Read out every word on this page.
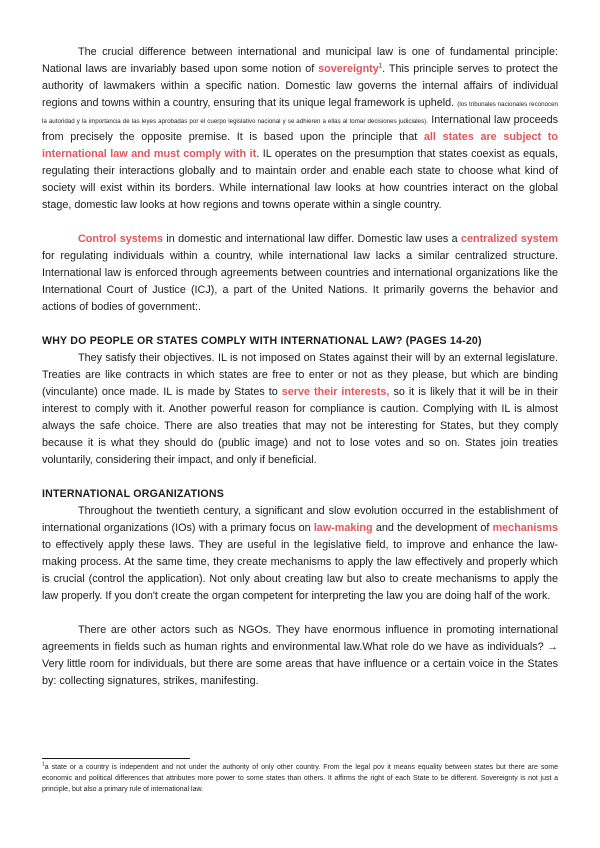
The crucial difference between international and municipal law is one of fundamental principle: National laws are invariably based upon some notion of sovereignty$^1$. This principle serves to protect the authority of lawmakers within a specific nation. Domestic law governs the internal affairs of individual regions and towns within a country, ensuring that its unique legal framework is upheld. (los tribunales nacionales reconocen la autoridad y la importancia de las leyes aprobadas por el cuerpo legislativo nacional y se adhieren a ellas al tomar decisiones judiciales). International law proceeds from precisely the opposite premise. It is based upon the principle that all states are subject to international law and must comply with it. IL operates on the presumption that states coexist as equals, regulating their interactions globally and to maintain order and enable each state to choose what kind of society will exist within its borders. While international law looks at how countries interact on the global stage, domestic law looks at how regions and towns operate within a single country.

Control systems in domestic and international law differ. Domestic law uses a centralized system for regulating individuals within a country, while international law lacks a similar centralized structure. International law is enforced through agreements between countries and international organizations like the International Court of Justice (ICJ), a part of the United Nations. It primarily governs the behavior and actions of bodies of government:.

WHY DO PEOPLE OR STATES COMPLY WITH INTERNATIONAL LAW? (PAGES 14-20)

They satisfy their objectives. IL is not imposed on States against their will by an external legislature. Treaties are like contracts in which states are free to enter or not as they please, but which are binding (vinculante) once made. IL is made by States to serve their interests, so it is likely that it will be in their interest to comply with it. Another powerful reason for compliance is caution. Complying with IL is almost always the safe choice. There are also treaties that may not be interesting for States, but they comply because it is what they should do (public image) and not to lose votes and so on. States join treaties voluntarily, considering their impact, and only if beneficial.

INTERNATIONAL ORGANIZATIONS

Throughout the twentieth century, a significant and slow evolution occurred in the establishment of international organizations (IOs) with a primary focus on law-making and the development of mechanisms to effectively apply these laws. They are useful in the legislative field, to improve and enhance the law-making process. At the same time, they create mechanisms to apply the law effectively and properly which is crucial (control the application). Not only about creating law but also to create mechanisms to apply the law properly. If you don't create the organ competent for interpreting the law you are doing half of the work.

There are other actors such as NGOs. They have enormous influence in promoting international agreements in fields such as human rights and environmental law.What role do we have as individuals? → Very little room for individuals, but there are some areas that have influence or a certain voice in the States by: collecting signatures, strikes, manifesting.

$^1$a state or a country is independent and not under the authority of only other country. From the legal pov it means equality between states but there are some economic and political differences that attributes more power to some states than others. It affirms the right of each State to be different. Sovereignty is not just a principle, but also a primary rule of international law.
